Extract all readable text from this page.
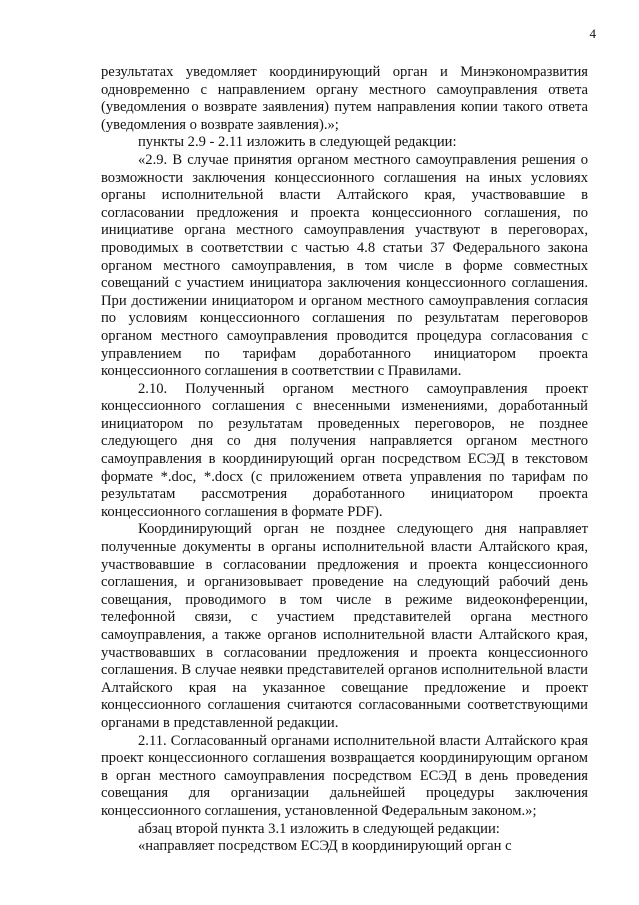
4

результатах уведомляет координирующий орган и Минэкономразвития одновременно с направлением органу местного самоуправления ответа (уведомления о возврате заявления) путем направления копии такого ответа (уведомления о возврате заявления).»;

пункты 2.9 - 2.11 изложить в следующей редакции:

«2.9. В случае принятия органом местного самоуправления решения о возможности заключения концессионного соглашения на иных условиях органы исполнительной власти Алтайского края, участвовавшие в согласовании предложения и проекта концессионного соглашения, по инициативе органа местного самоуправления участвуют в переговорах, проводимых в соответствии с частью 4.8 статьи 37 Федерального закона органом местного самоуправления, в том числе в форме совместных совещаний с участием инициатора заключения концессионного соглашения. При достижении инициатором и органом местного самоуправления согласия по условиям концессионного соглашения по результатам переговоров органом местного самоуправления проводится процедура согласования с управлением по тарифам доработанного инициатором проекта концессионного соглашения в соответствии с Правилами.

2.10. Полученный органом местного самоуправления проект концессионного соглашения с внесенными изменениями, доработанный инициатором по результатам проведенных переговоров, не позднее следующего дня со дня получения направляется органом местного самоуправления в координирующий орган посредством ЕСЭД в текстовом формате *.doc, *.docx (с приложением ответа управления по тарифам по результатам рассмотрения доработанного инициатором проекта концессионного соглашения в формате PDF).

Координирующий орган не позднее следующего дня направляет полученные документы в органы исполнительной власти Алтайского края, участвовавшие в согласовании предложения и проекта концессионного соглашения, и организовывает проведение на следующий рабочий день совещания, проводимого в том числе в режиме видеоконференции, телефонной связи, с участием представителей органа местного самоуправления, а также органов исполнительной власти Алтайского края, участвовавших в согласовании предложения и проекта концессионного соглашения. В случае неявки представителей органов исполнительной власти Алтайского края на указанное совещание предложение и проект концессионного соглашения считаются согласованными соответствующими органами в представленной редакции.

2.11. Согласованный органами исполнительной власти Алтайского края проект концессионного соглашения возвращается координирующим органом в орган местного самоуправления посредством ЕСЭД в день проведения совещания для организации дальнейшей процедуры заключения концессионного соглашения, установленной Федеральным законом.»;

абзац второй пункта 3.1 изложить в следующей редакции:

«направляет посредством ЕСЭД в координирующий орган с
